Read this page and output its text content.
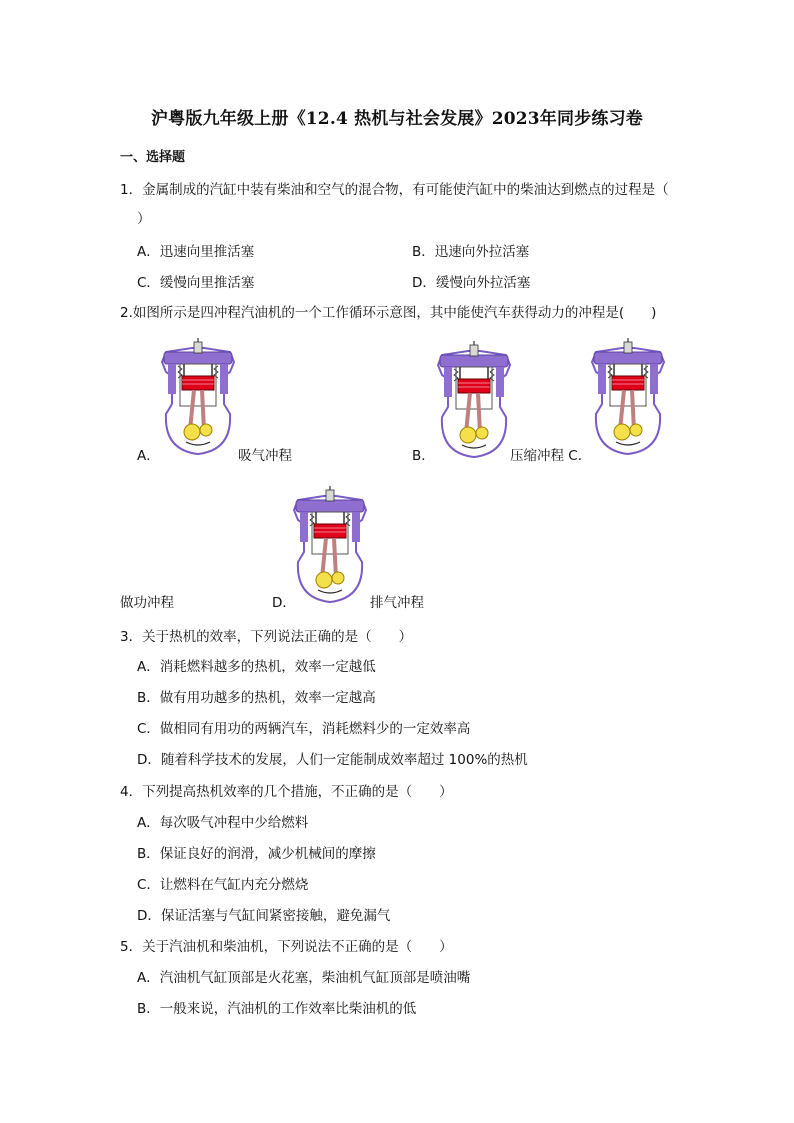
沪粤版九年级上册《12.4 热机与社会发展》2023年同步练习卷
一、选择题
1．金属制成的汽缸中装有柴油和空气的混合物，有可能使汽缸中的柴油达到燃点的过程是（
）
A．迅速向里推活塞	B．迅速向外拉活塞
C．缓慢向里推活塞	D．缓慢向外拉活塞
2.如图所示是四冲程汽油机的一个工作循环示意图，其中能使汽车获得动力的冲程是(　　)
A．	吸气冲程	B．	压缩冲程 C．
做功冲程	D．	排气冲程
3．关于热机的效率，下列说法正确的是（　　）
A．消耗燃料越多的热机，效率一定越低
B．做有用功越多的热机，效率一定越高
C．做相同有用功的两辆汽车，消耗燃料少的一定效率高
D．随着科学技术的发展，人们一定能制成效率超过 100%的热机
4．下列提高热机效率的几个措施，不正确的是（　　）
A．每次吸气冲程中少给燃料
B．保证良好的润滑，减少机械间的摩擦
C．让燃料在气缸内充分燃烧
D．保证活塞与气缸间紧密接触，避免漏气
5．关于汽油机和柴油机，下列说法不正确的是（　　）
A．汽油机气缸顶部是火花塞，柴油机气缸顶部是喷油嘴
B．一般来说，汽油机的工作效率比柴油机的低
